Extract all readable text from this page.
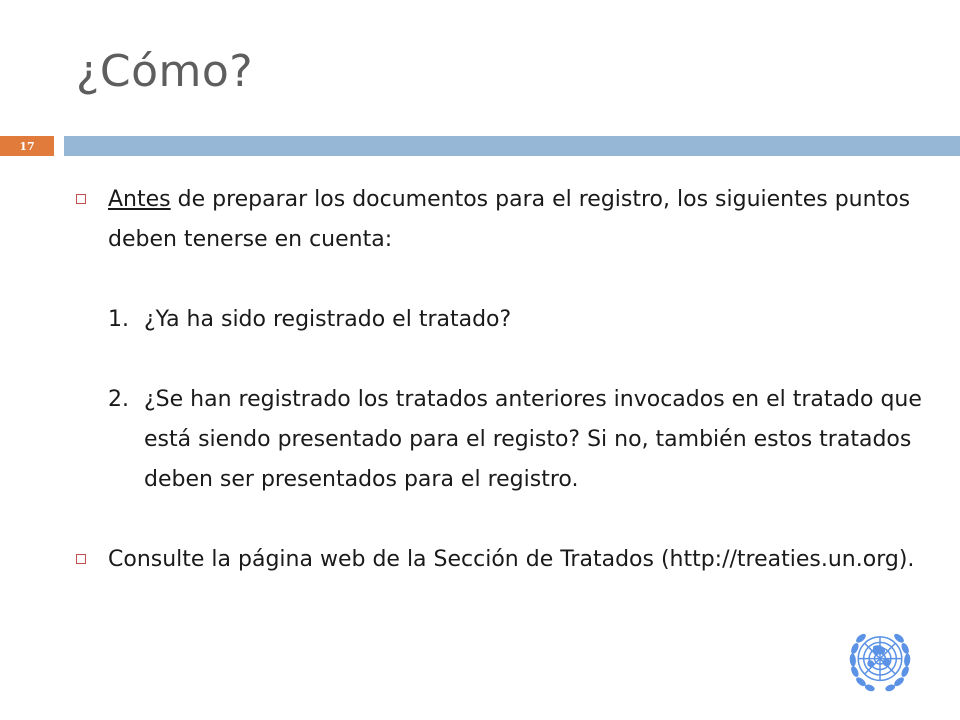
¿Cómo?
17
Antes de preparar los documentos para el registro, los siguientes puntos deben tenerse en cuenta:
1. ¿Ya ha sido registrado el tratado?
2. ¿Se han registrado los tratados anteriores invocados en el tratado que está siendo presentado para el registo? Si no, también estos tratados deben ser presentados para el registro.
Consulte la página web de la Sección de Tratados (http://treaties.un.org).
